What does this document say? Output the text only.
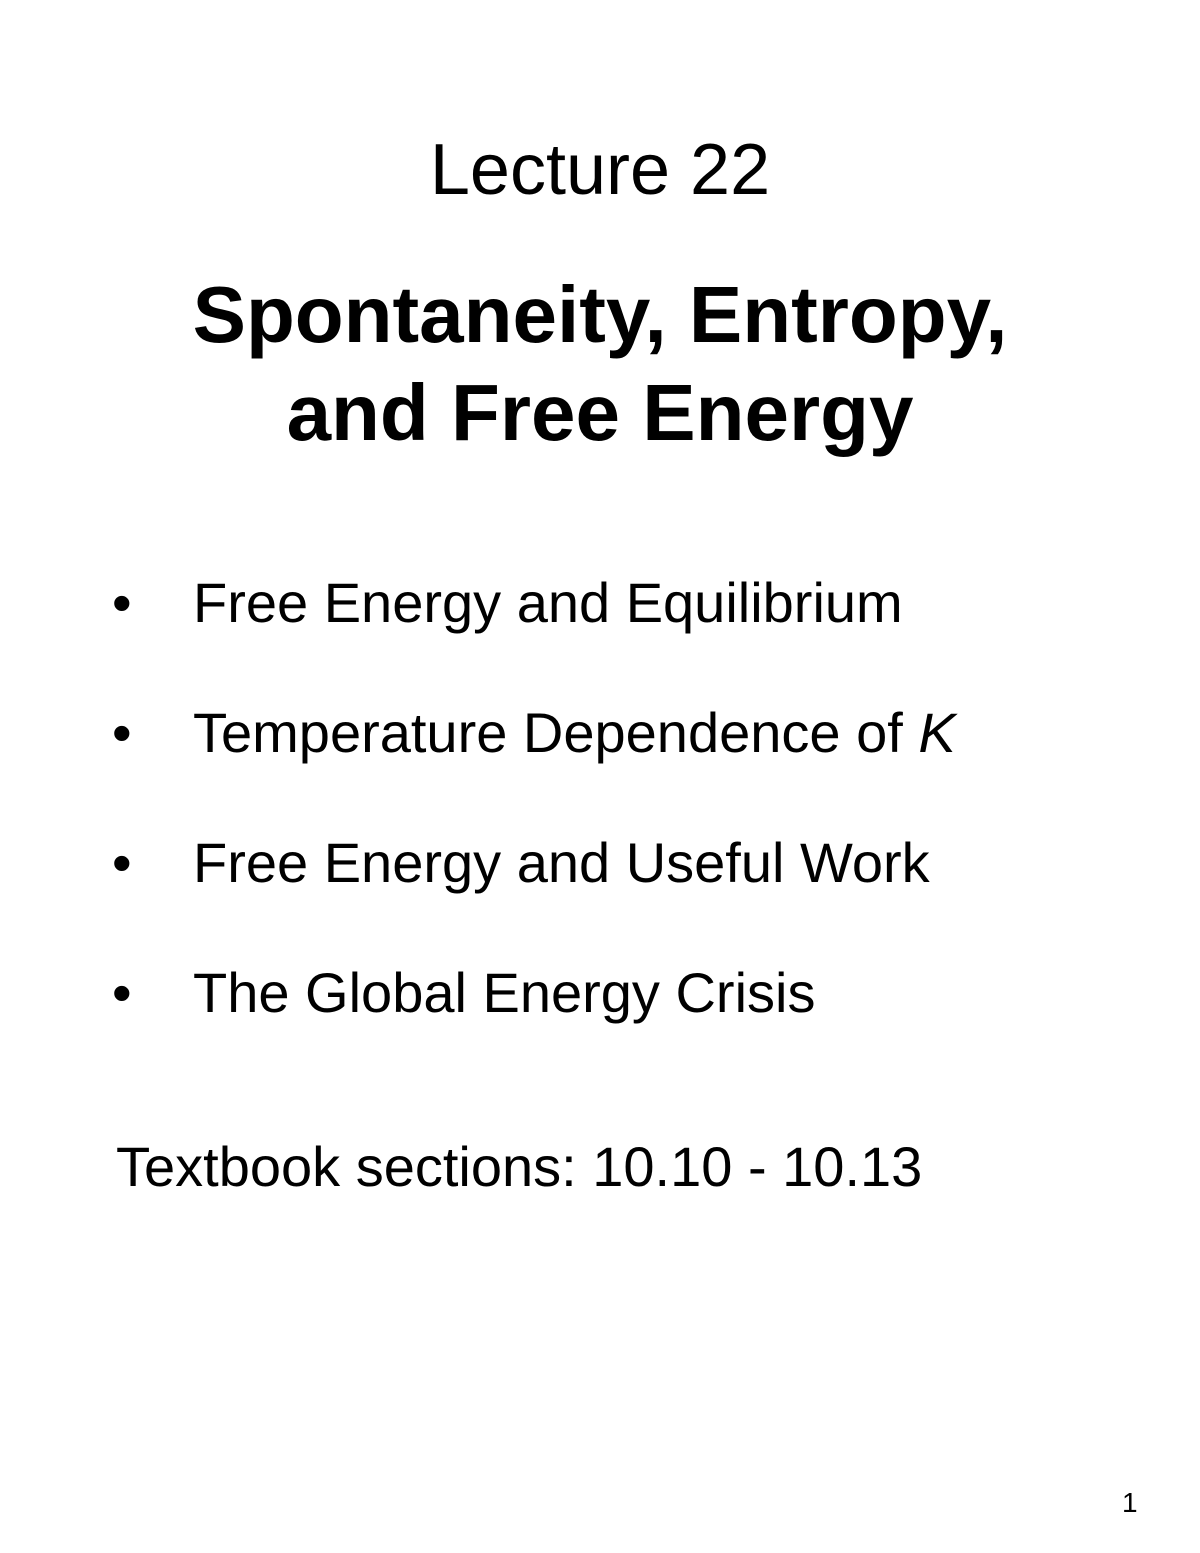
Lecture 22
Spontaneity, Entropy,
and Free Energy
• Free Energy and Equilibrium
• Temperature Dependence of K
• Free Energy and Useful Work
• The Global Energy Crisis
Textbook sections: 10.10 - 10.13
1
